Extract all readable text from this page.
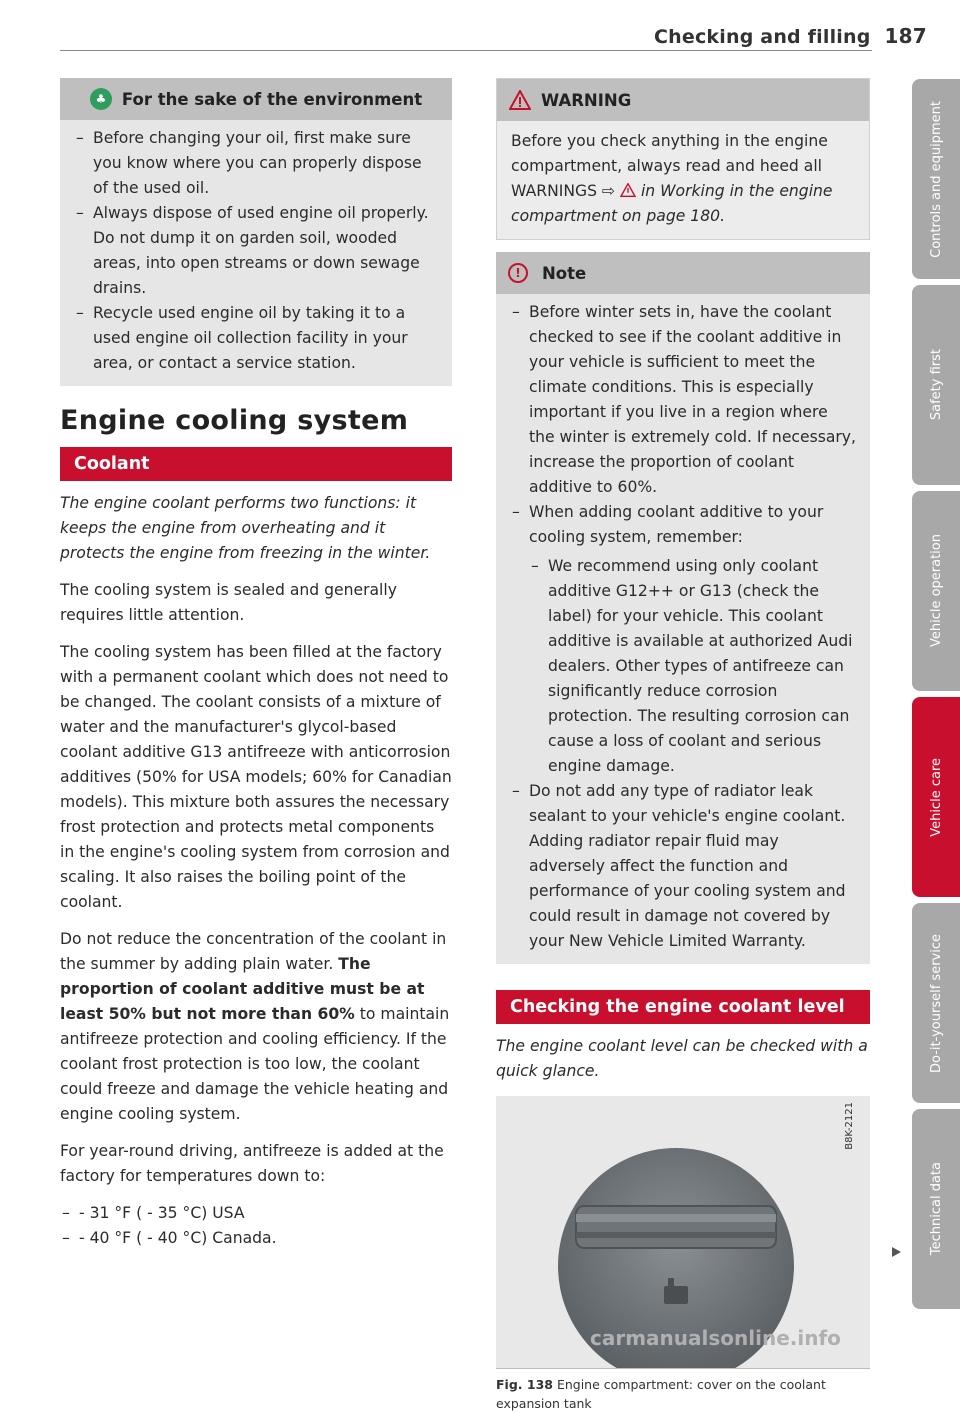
Checking and filling 187
♣ For the sake of the environment
– Before changing your oil, first make sure you know where you can properly dispose of the used oil.
– Always dispose of used engine oil properly. Do not dump it on garden soil, wooded areas, into open streams or down sewage drains.
– Recycle used engine oil by taking it to a used engine oil collection facility in your area, or contact a service station.
Engine cooling system
Coolant

The engine coolant performs two functions: it keeps the engine from overheating and it protects the engine from freezing in the winter.

The cooling system is sealed and generally requires little attention.

The cooling system has been filled at the factory with a permanent coolant which does not need to be changed. The coolant consists of a mixture of water and the manufacturer's glycol-based coolant additive G13 antifreeze with anticorrosion additives (50% for USA models; 60% for Canadian models). This mixture both assures the necessary frost protection and protects metal components in the engine's cooling system from corrosion and scaling. It also raises the boiling point of the coolant.

Do not reduce the concentration of the coolant in the summer by adding plain water. The proportion of coolant additive must be at least 50% but not more than 60% to maintain antifreeze protection and cooling efficiency. If the coolant frost protection is too low, the coolant could freeze and damage the vehicle heating and engine cooling system.

For year-round driving, antifreeze is added at the factory for temperatures down to:

– - 31 °F ( - 35 °C) USA
– - 40 °F ( - 40 °C) Canada.
WARNING
Before you check anything in the engine compartment, always read and heed all WARNINGS ⇨ in Working in the engine compartment on page 180.
!	Note
– Before winter sets in, have the coolant checked to see if the coolant additive in your vehicle is sufficient to meet the climate conditions. This is especially important if you live in a region where the winter is extremely cold. If necessary, increase the proportion of coolant additive to 60%.
– When adding coolant additive to your cooling system, remember:
– We recommend using only coolant additive G12++ or G13 (check the label) for your vehicle. This coolant additive is available at authorized Audi dealers. Other types of antifreeze can significantly reduce corrosion protection. The resulting corrosion can cause a loss of coolant and serious engine damage.
– Do not add any type of radiator leak sealant to your vehicle's engine coolant. Adding radiator repair fluid may adversely affect the function and performance of your cooling system and could result in damage not covered by your New Vehicle Limited Warranty.
Checking the engine coolant level

The engine coolant level can be checked with a quick glance.

B8K-2121
Fig. 138 Engine compartment: cover on the coolant expansion tank
Controls and equipment
Safety first
Vehicle operation
Vehicle care
Do-it-yourself service
Technical data
carmanualsonline.info
